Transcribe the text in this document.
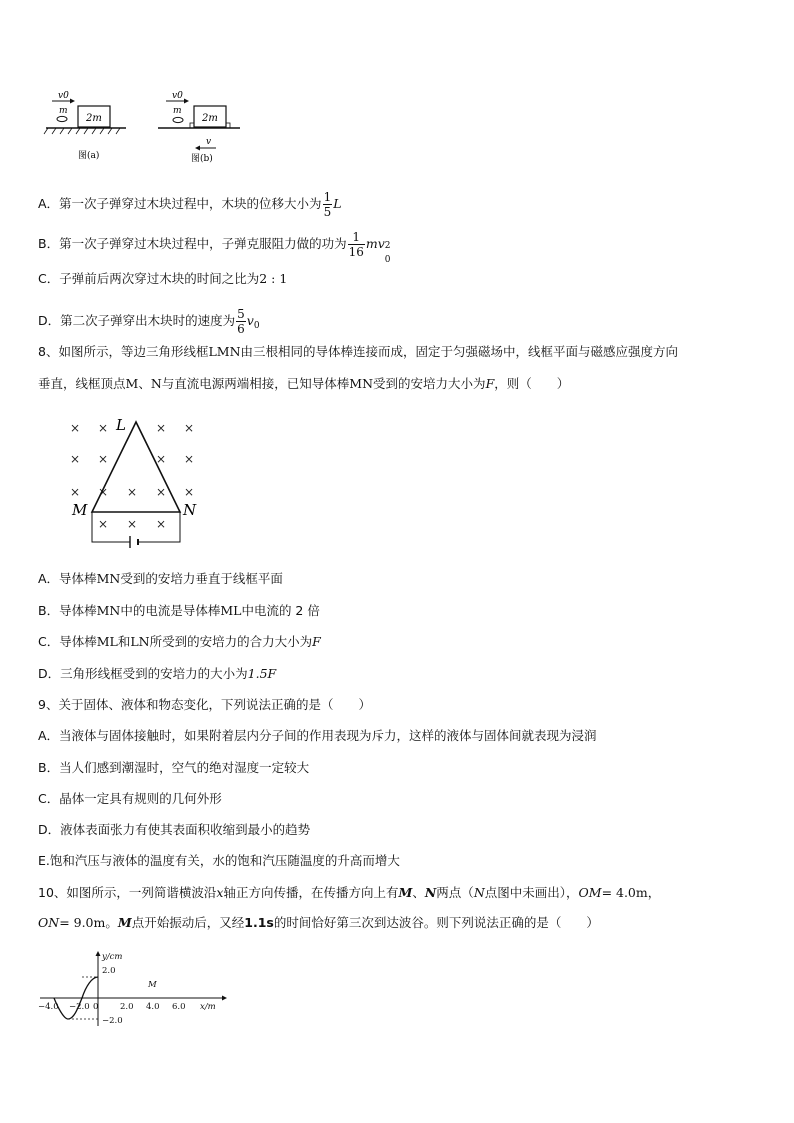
v0
m
2m
图(a)
v0
m
2m
v
图(b)
A．第一次子弹穿过木块过程中，木块的位移大小为 $\frac{1}{5}$ L
B．第一次子弹穿过木块过程中，子弹克服阻力做的功为 $\frac{1}{16}$ mv 2
0
C．子弹前后两次穿过木块的时间之比为2 : 1
D．第二次子弹穿出木块时的速度为 $\frac{5}{6} v_0$
8、如图所示，等边三角形线框LMN由三根相同的导体棒连接而成，固定于匀强磁场中，线框平面与磁感应强度方向
垂直，线框顶点M、N与直流电源两端相接，已知导体棒MN受到的安培力大小为F，则（　　）
× ×	× ×
× ×	× ×
× × × × ×
× × ×
L
M	N
A．导体棒MN受到的安培力垂直于线框平面
B．导体棒MN中的电流是导体棒ML中电流的 2 倍
C．导体棒ML和LN所受到的安培力的合力大小为F
D．三角形线框受到的安培力的大小为1.5F
9、关于固体、液体和物态变化，下列说法正确的是（　　）
A．当液体与固体接触时，如果附着层内分子间的作用表现为斥力，这样的液体与固体间就表现为浸润
B．当人们感到潮湿时，空气的绝对湿度一定较大
C．晶体一定具有规则的几何外形
D．液体表面张力有使其表面积收缩到最小的趋势
E.饱和汽压与液体的温度有关，水的饱和汽压随温度的升高而增大
10、如图所示，一列简谐横波沿x轴正方向传播，在传播方向上有M、N两点（N点图中未画出），OM= 4.0m，
ON= 9.0m。M点开始振动后，又经1.1s的时间恰好第三次到达波谷。则下列说法正确的是（　　）
y/cm
2.0
−2.0
−4.0 −2.0 0	2.0 4.0 6.0 x/m
M
